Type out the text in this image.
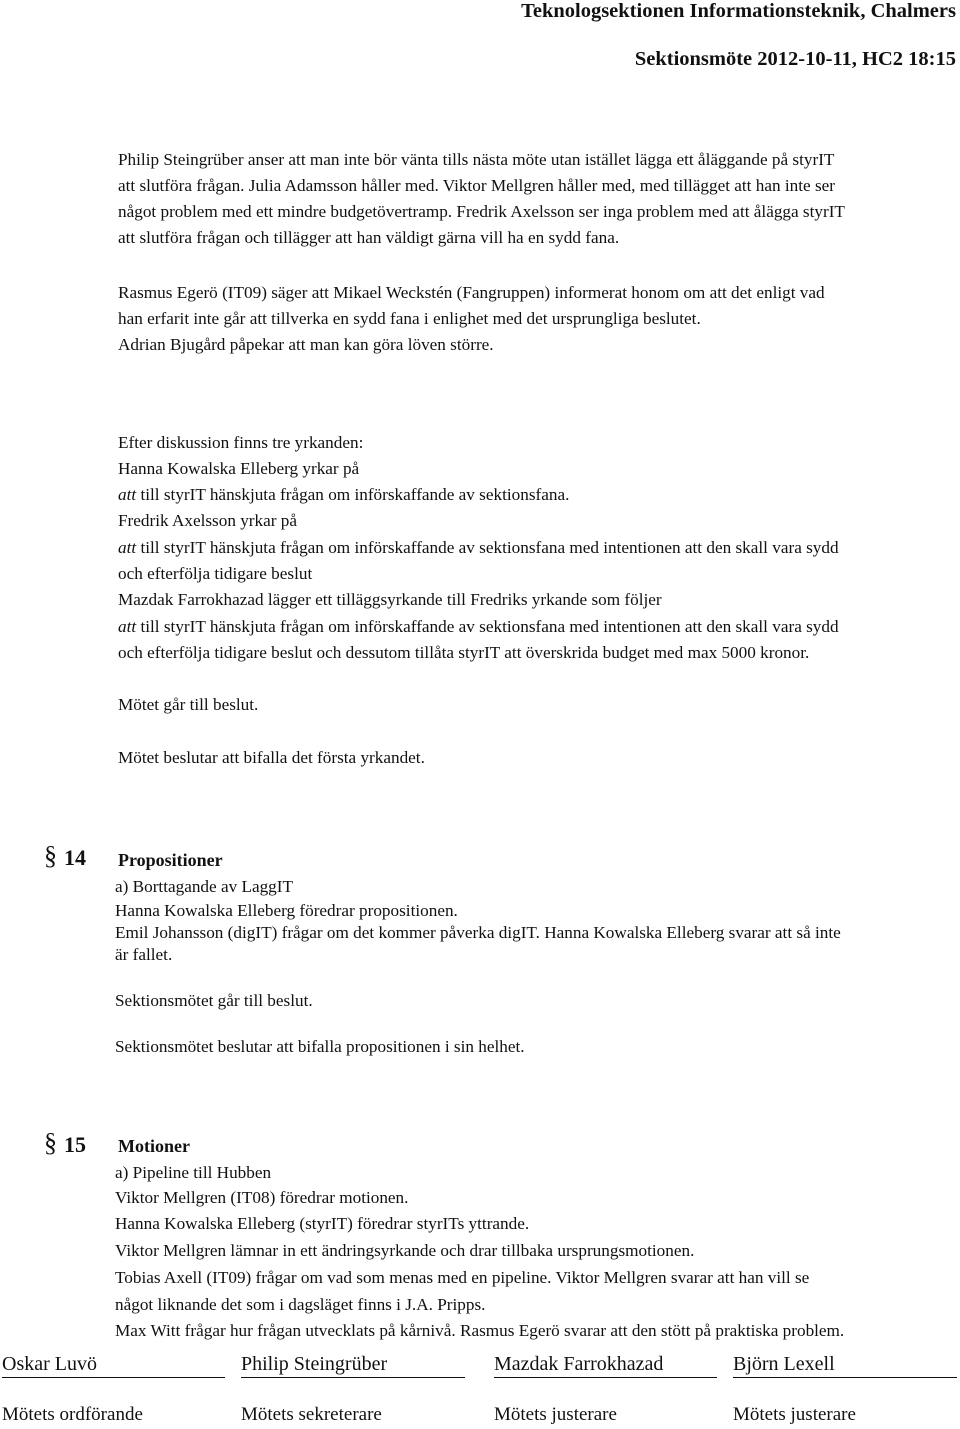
Teknologsektionen Informationsteknik, Chalmers
Sektionsmöte 2012-10-11, HC2 18:15
Philip Steingrüber anser att man inte bör vänta tills nästa möte utan istället lägga ett åläggande på styrIT
att slutföra frågan. Julia Adamsson håller med. Viktor Mellgren håller med, med tillägget att han inte ser
något problem med ett mindre budgetövertramp. Fredrik Axelsson ser inga problem med att ålägga styrIT
att slutföra frågan och tillägger att han väldigt gärna vill ha en sydd fana.
Rasmus Egerö (IT09) säger att Mikael Weckstén (Fangruppen) informerat honom om att det enligt vad
han erfarit inte går att tillverka en sydd fana i enlighet med det ursprungliga beslutet.
Adrian Bjugård påpekar att man kan göra löven större.
Efter diskussion finns tre yrkanden:
Hanna Kowalska Elleberg yrkar på
att till styrIT hänskjuta frågan om införskaffande av sektionsfana.
Fredrik Axelsson yrkar på
att till styrIT hänskjuta frågan om införskaffande av sektionsfana med intentionen att den skall vara sydd
och efterfölja tidigare beslut
Mazdak Farrokhazad lägger ett tilläggsyrkande till Fredriks yrkande som följer
att till styrIT hänskjuta frågan om införskaffande av sektionsfana med intentionen att den skall vara sydd
och efterfölja tidigare beslut och dessutom tillåta styrIT att överskrida budget med max 5000 kronor.
Mötet går till beslut.
Mötet beslutar att bifalla det första yrkandet.
§ 14 Propositioner
a) Borttagande av LaggIT
Hanna Kowalska Elleberg föredrar propositionen.
Emil Johansson (digIT) frågar om det kommer påverka digIT. Hanna Kowalska Elleberg svarar att så inte
är fallet.
Sektionsmötet går till beslut.
Sektionsmötet beslutar att bifalla propositionen i sin helhet.
§ 15 Motioner
a) Pipeline till Hubben
Viktor Mellgren (IT08) föredrar motionen.
Hanna Kowalska Elleberg (styrIT) föredrar styrITs yttrande.
Viktor Mellgren lämnar in ett ändringsyrkande och drar tillbaka ursprungsmotionen.
Tobias Axell (IT09) frågar om vad som menas med en pipeline. Viktor Mellgren svarar att han vill se
något liknande det som i dagsläget finns i J.A. Pripps.
Max Witt frågar hur frågan utvecklats på kårnivå. Rasmus Egerö svarar att den stött på praktiska problem.
Oskar Luvö	Philip Steingrüber	Mazdak Farrokhazad	Björn Lexell
Mötets ordförande	Mötets sekreterare	Mötets justerare	Mötets justerare
